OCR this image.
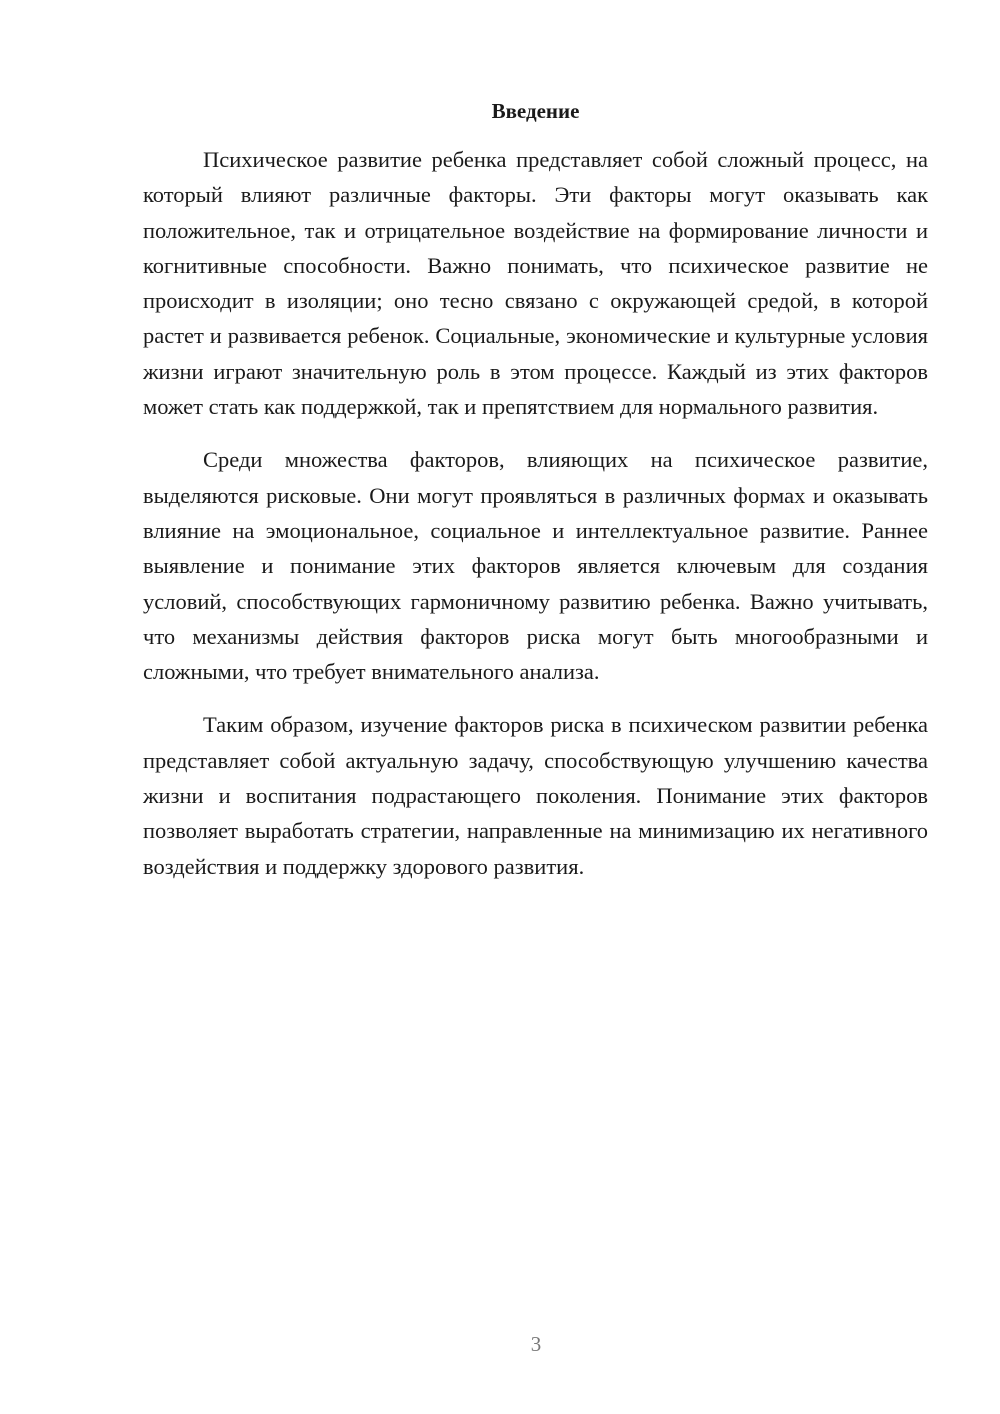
Введение

Психическое развитие ребенка представляет собой сложный процесс, на который влияют различные факторы. Эти факторы могут оказывать как положительное, так и отрицательное воздействие на формирование личности и когнитивные способности. Важно понимать, что психическое развитие не происходит в изоляции; оно тесно связано с окружающей средой, в которой растет и развивается ребенок. Социальные, экономические и культурные условия жизни играют значительную роль в этом процессе. Каждый из этих факторов может стать как поддержкой, так и препятствием для нормального развития.

Среди множества факторов, влияющих на психическое развитие, выделяются рисковые. Они могут проявляться в различных формах и оказывать влияние на эмоциональное, социальное и интеллектуальное развитие. Раннее выявление и понимание этих факторов является ключевым для создания условий, способствующих гармоничному развитию ребенка. Важно учитывать, что механизмы действия факторов риска могут быть многообразными и сложными, что требует внимательного анализа.

Таким образом, изучение факторов риска в психическом развитии ребенка представляет собой актуальную задачу, способствующую улучшению качества жизни и воспитания подрастающего поколения. Понимание этих факторов позволяет выработать стратегии, направленные на минимизацию их негативного воздействия и поддержку здорового развития.

3
